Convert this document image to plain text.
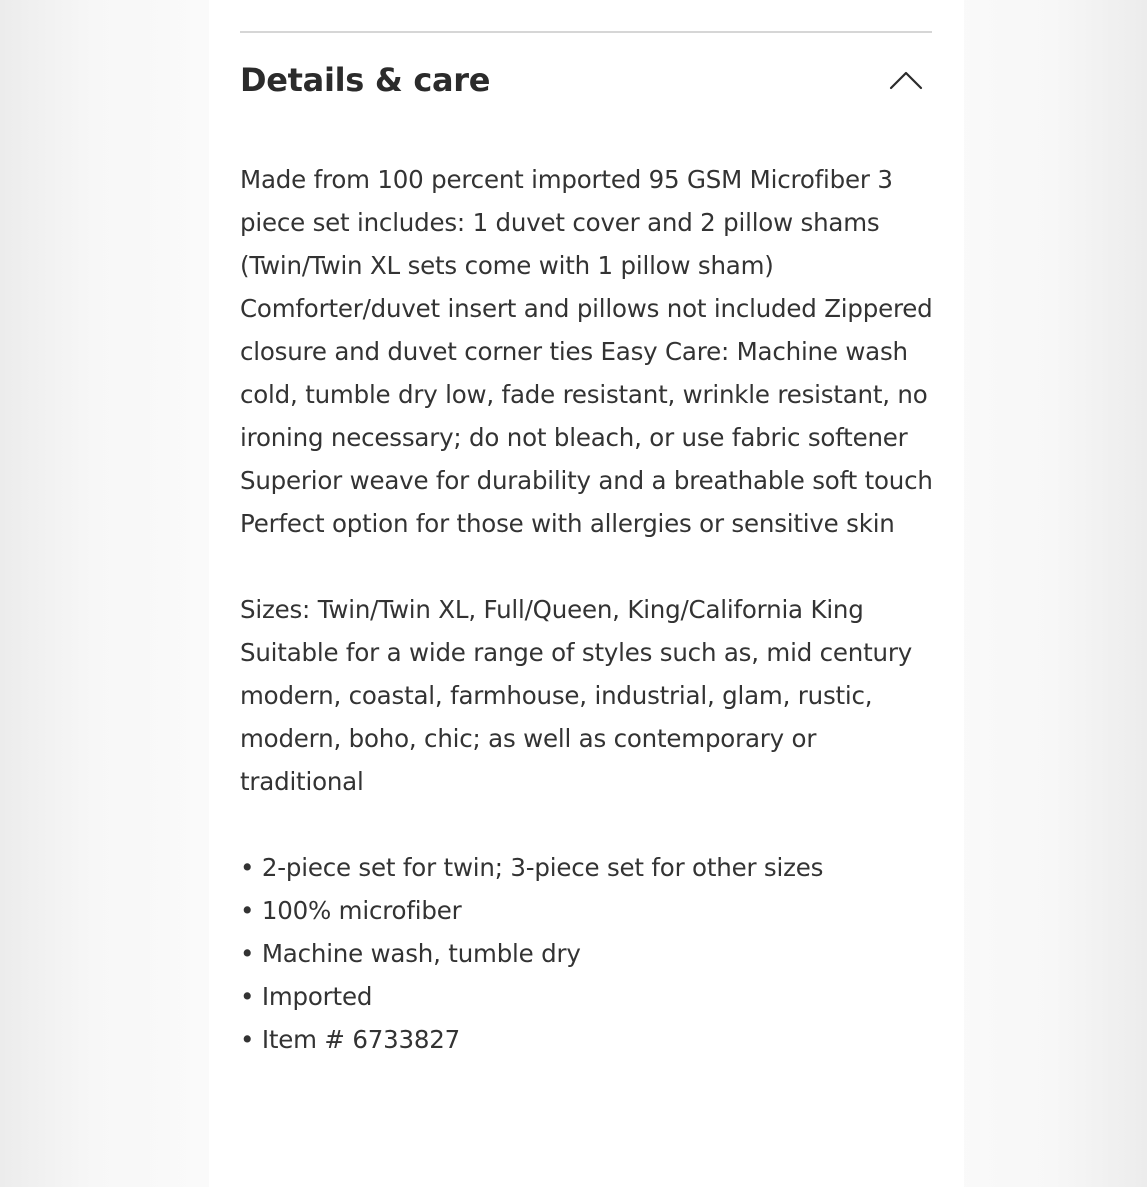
Details & care

Made from 100 percent imported 95 GSM Microfiber 3 piece set includes: 1 duvet cover and 2 pillow shams (Twin/Twin XL sets come with 1 pillow sham) Comforter/duvet insert and pillows not included Zippered closure and duvet corner ties Easy Care: Machine wash cold, tumble dry low, fade resistant, wrinkle resistant, no ironing necessary; do not bleach, or use fabric softener Superior weave for durability and a breathable soft touch Perfect option for those with allergies or sensitive skin

Sizes: Twin/Twin XL, Full/Queen, King/California King

Suitable for a wide range of styles such as, mid century modern, coastal, farmhouse, industrial, glam, rustic, modern, boho, chic; as well as contemporary or traditional

• 2-piece set for twin; 3-piece set for other sizes
• 100% microfiber
• Machine wash, tumble dry
• Imported
• Item # 6733827
